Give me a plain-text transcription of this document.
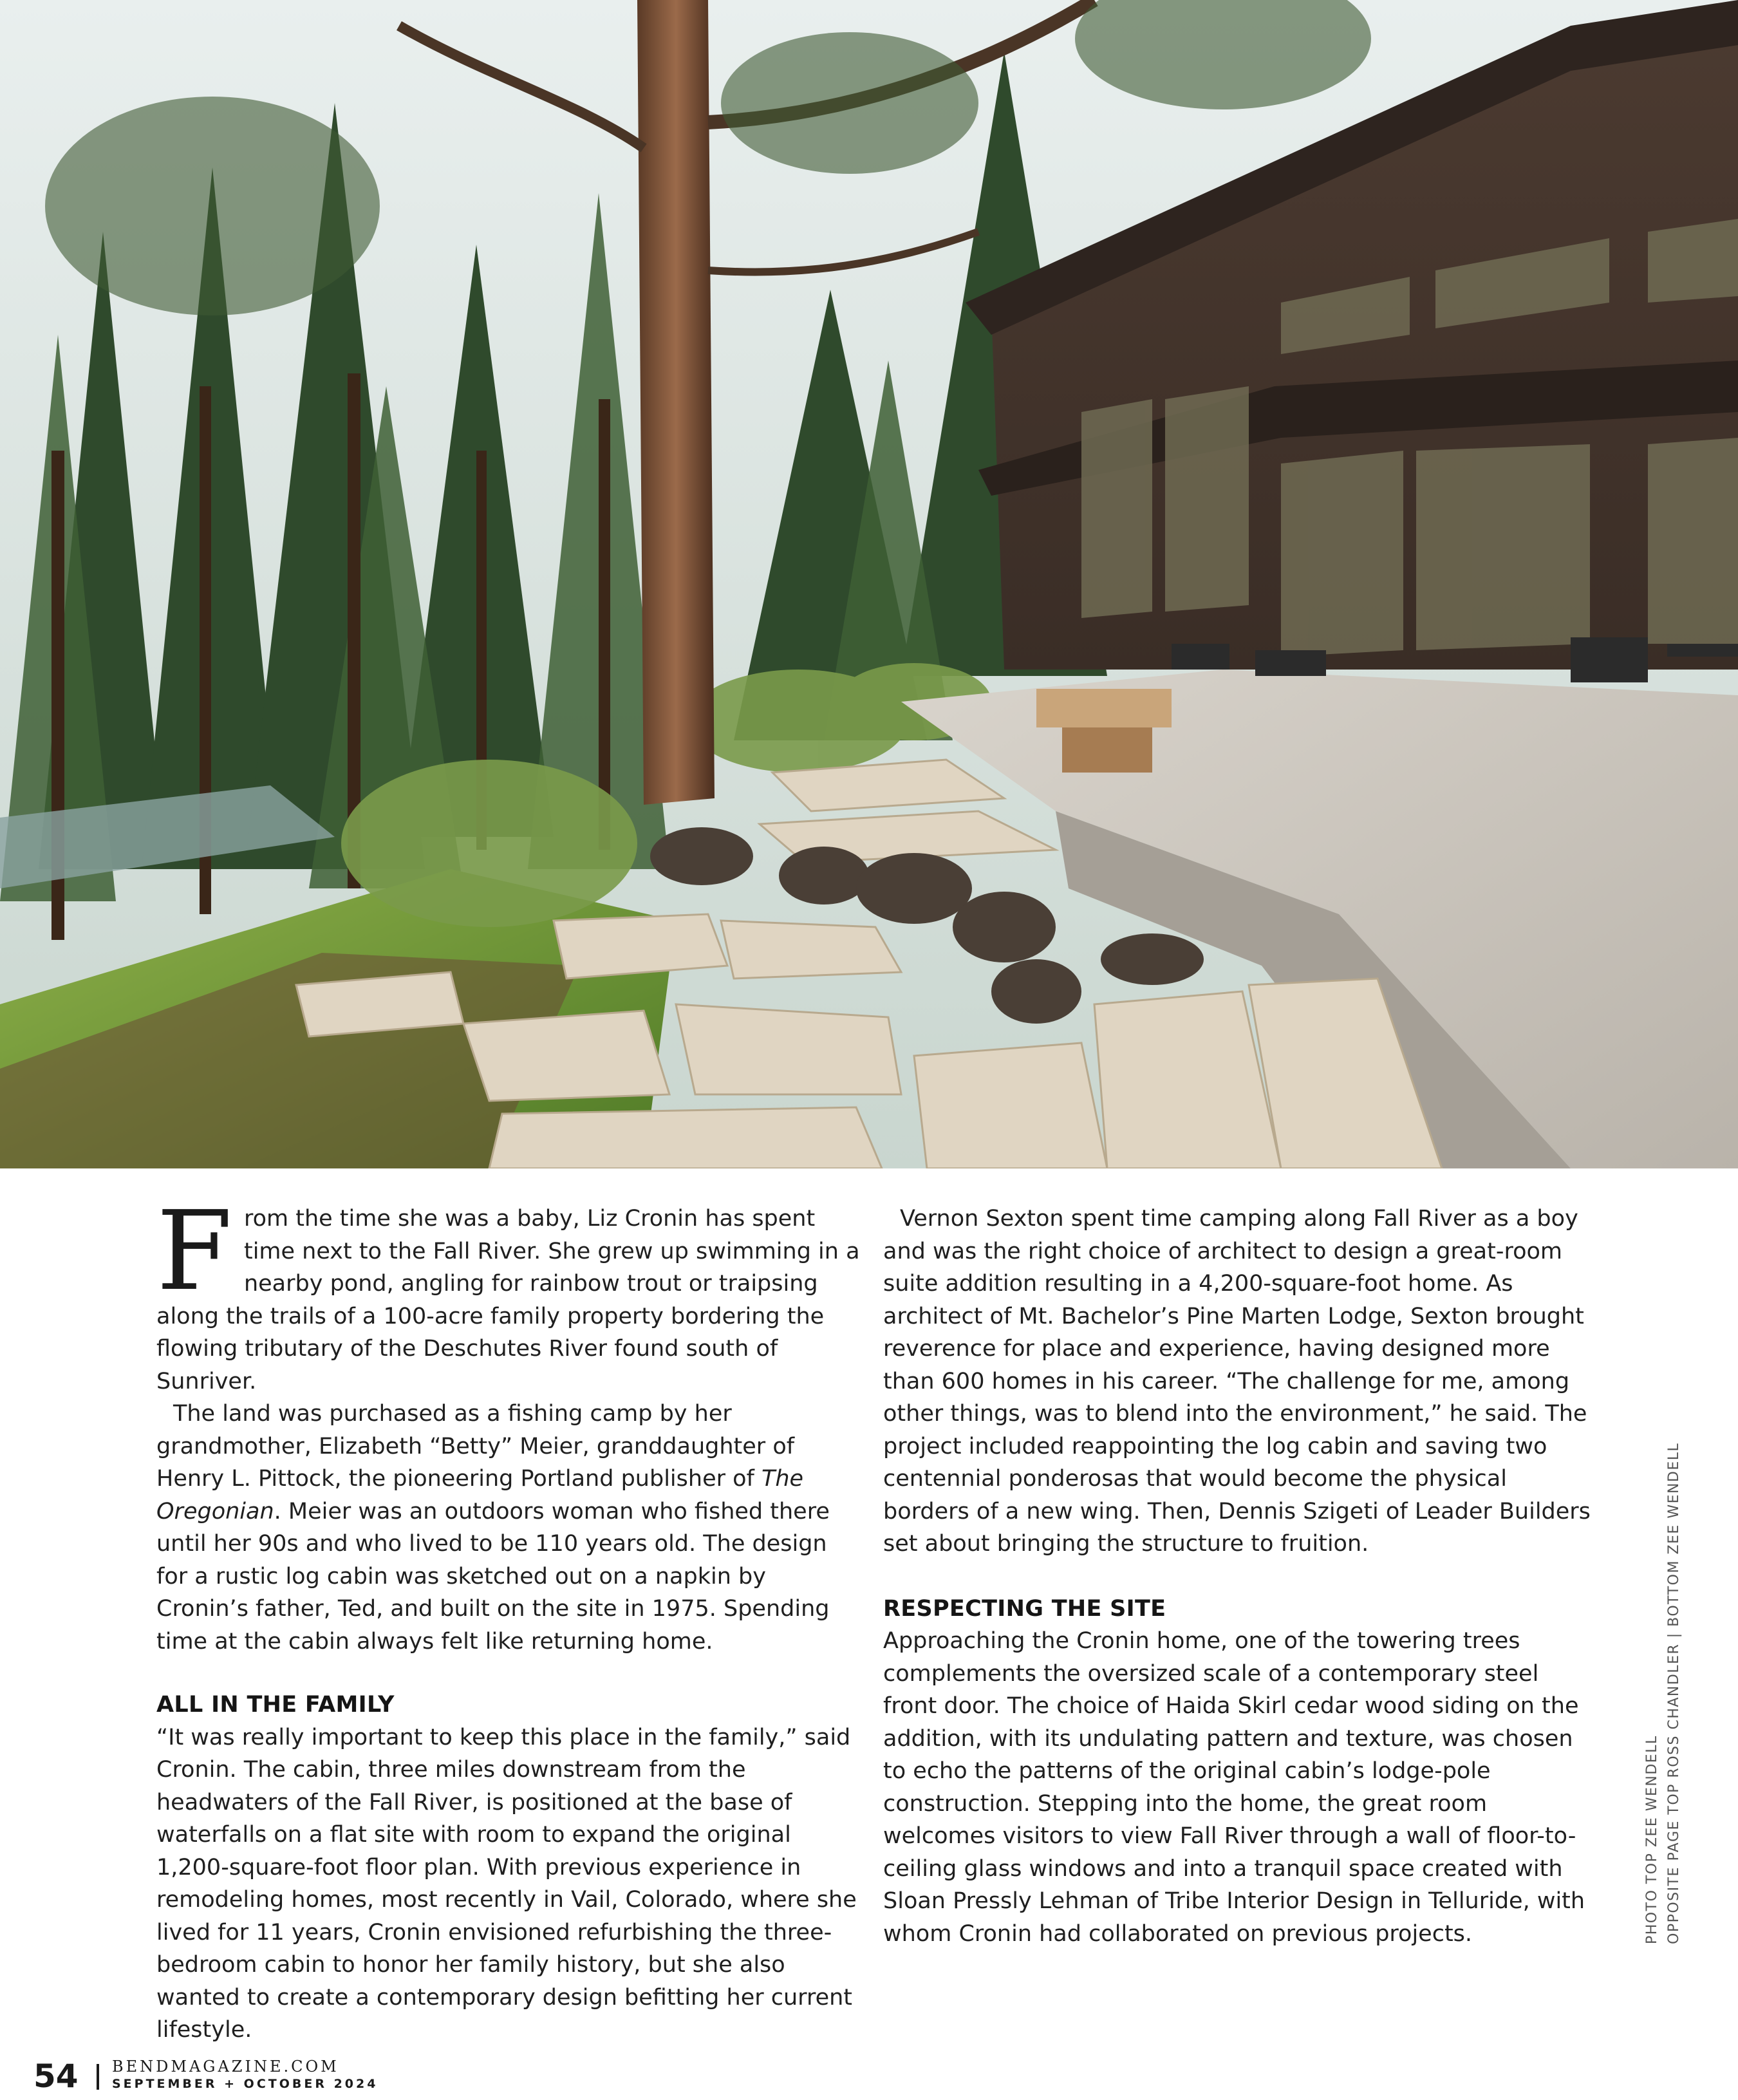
From the time she was a baby, Liz Cronin has spent time next to the Fall River. She grew up swimming in a nearby pond, angling for rainbow trout or traipsing along the trails of a 100-acre family property bordering the flowing tributary of the Deschutes River found south of Sunriver.

The land was purchased as a fishing camp by her grandmother, Elizabeth “Betty” Meier, granddaughter of Henry L. Pittock, the pioneering Portland publisher of The Oregonian. Meier was an outdoors woman who fished there until her 90s and who lived to be 110 years old. The design for a rustic log cabin was sketched out on a napkin by Cronin’s father, Ted, and built on the site in 1975. Spending time at the cabin always felt like returning home.

ALL IN THE FAMILY

“It was really important to keep this place in the family,” said Cronin. The cabin, three miles downstream from the headwaters of the Fall River, is positioned at the base of waterfalls on a flat site with room to expand the original 1,200-square-foot floor plan. With previous experience in remodeling homes, most recently in Vail, Colorado, where she lived for 11 years, Cronin envisioned refurbishing the three-bedroom cabin to honor her family history, but she also wanted to create a contemporary design befitting her current lifestyle.

Vernon Sexton spent time camping along Fall River as a boy and was the right choice of architect to design a great-room suite addition resulting in a 4,200-square-foot home. As architect of Mt. Bachelor’s Pine Marten Lodge, Sexton brought reverence for place and experience, having designed more than 600 homes in his career. “The challenge for me, among other things, was to blend into the environment,” he said. The project included reappointing the log cabin and saving two centennial ponderosas that would become the physical borders of a new wing. Then, Dennis Szigeti of Leader Builders set about bringing the structure to fruition.

RESPECTING THE SITE

Approaching the Cronin home, one of the towering trees complements the oversized scale of a contemporary steel front door. The choice of Haida Skirl cedar wood siding on the addition, with its undulating pattern and texture, was chosen to echo the patterns of the original cabin’s lodge-pole construction. Stepping into the home, the great room welcomes visitors to view Fall River through a wall of floor-to-ceiling glass windows and into a tranquil space created with Sloan Pressly Lehman of Tribe Interior Design in Telluride, with whom Cronin had collaborated on previous projects.	PHOTO TOP ZEE WENDELL OPPOSITE PAGE TOP ROSS CHANDLER | BOTTOM ZEE WENDELL
54 BENDMAGAZINE.COM
SEPTEMBER + OCTOBER 2024
